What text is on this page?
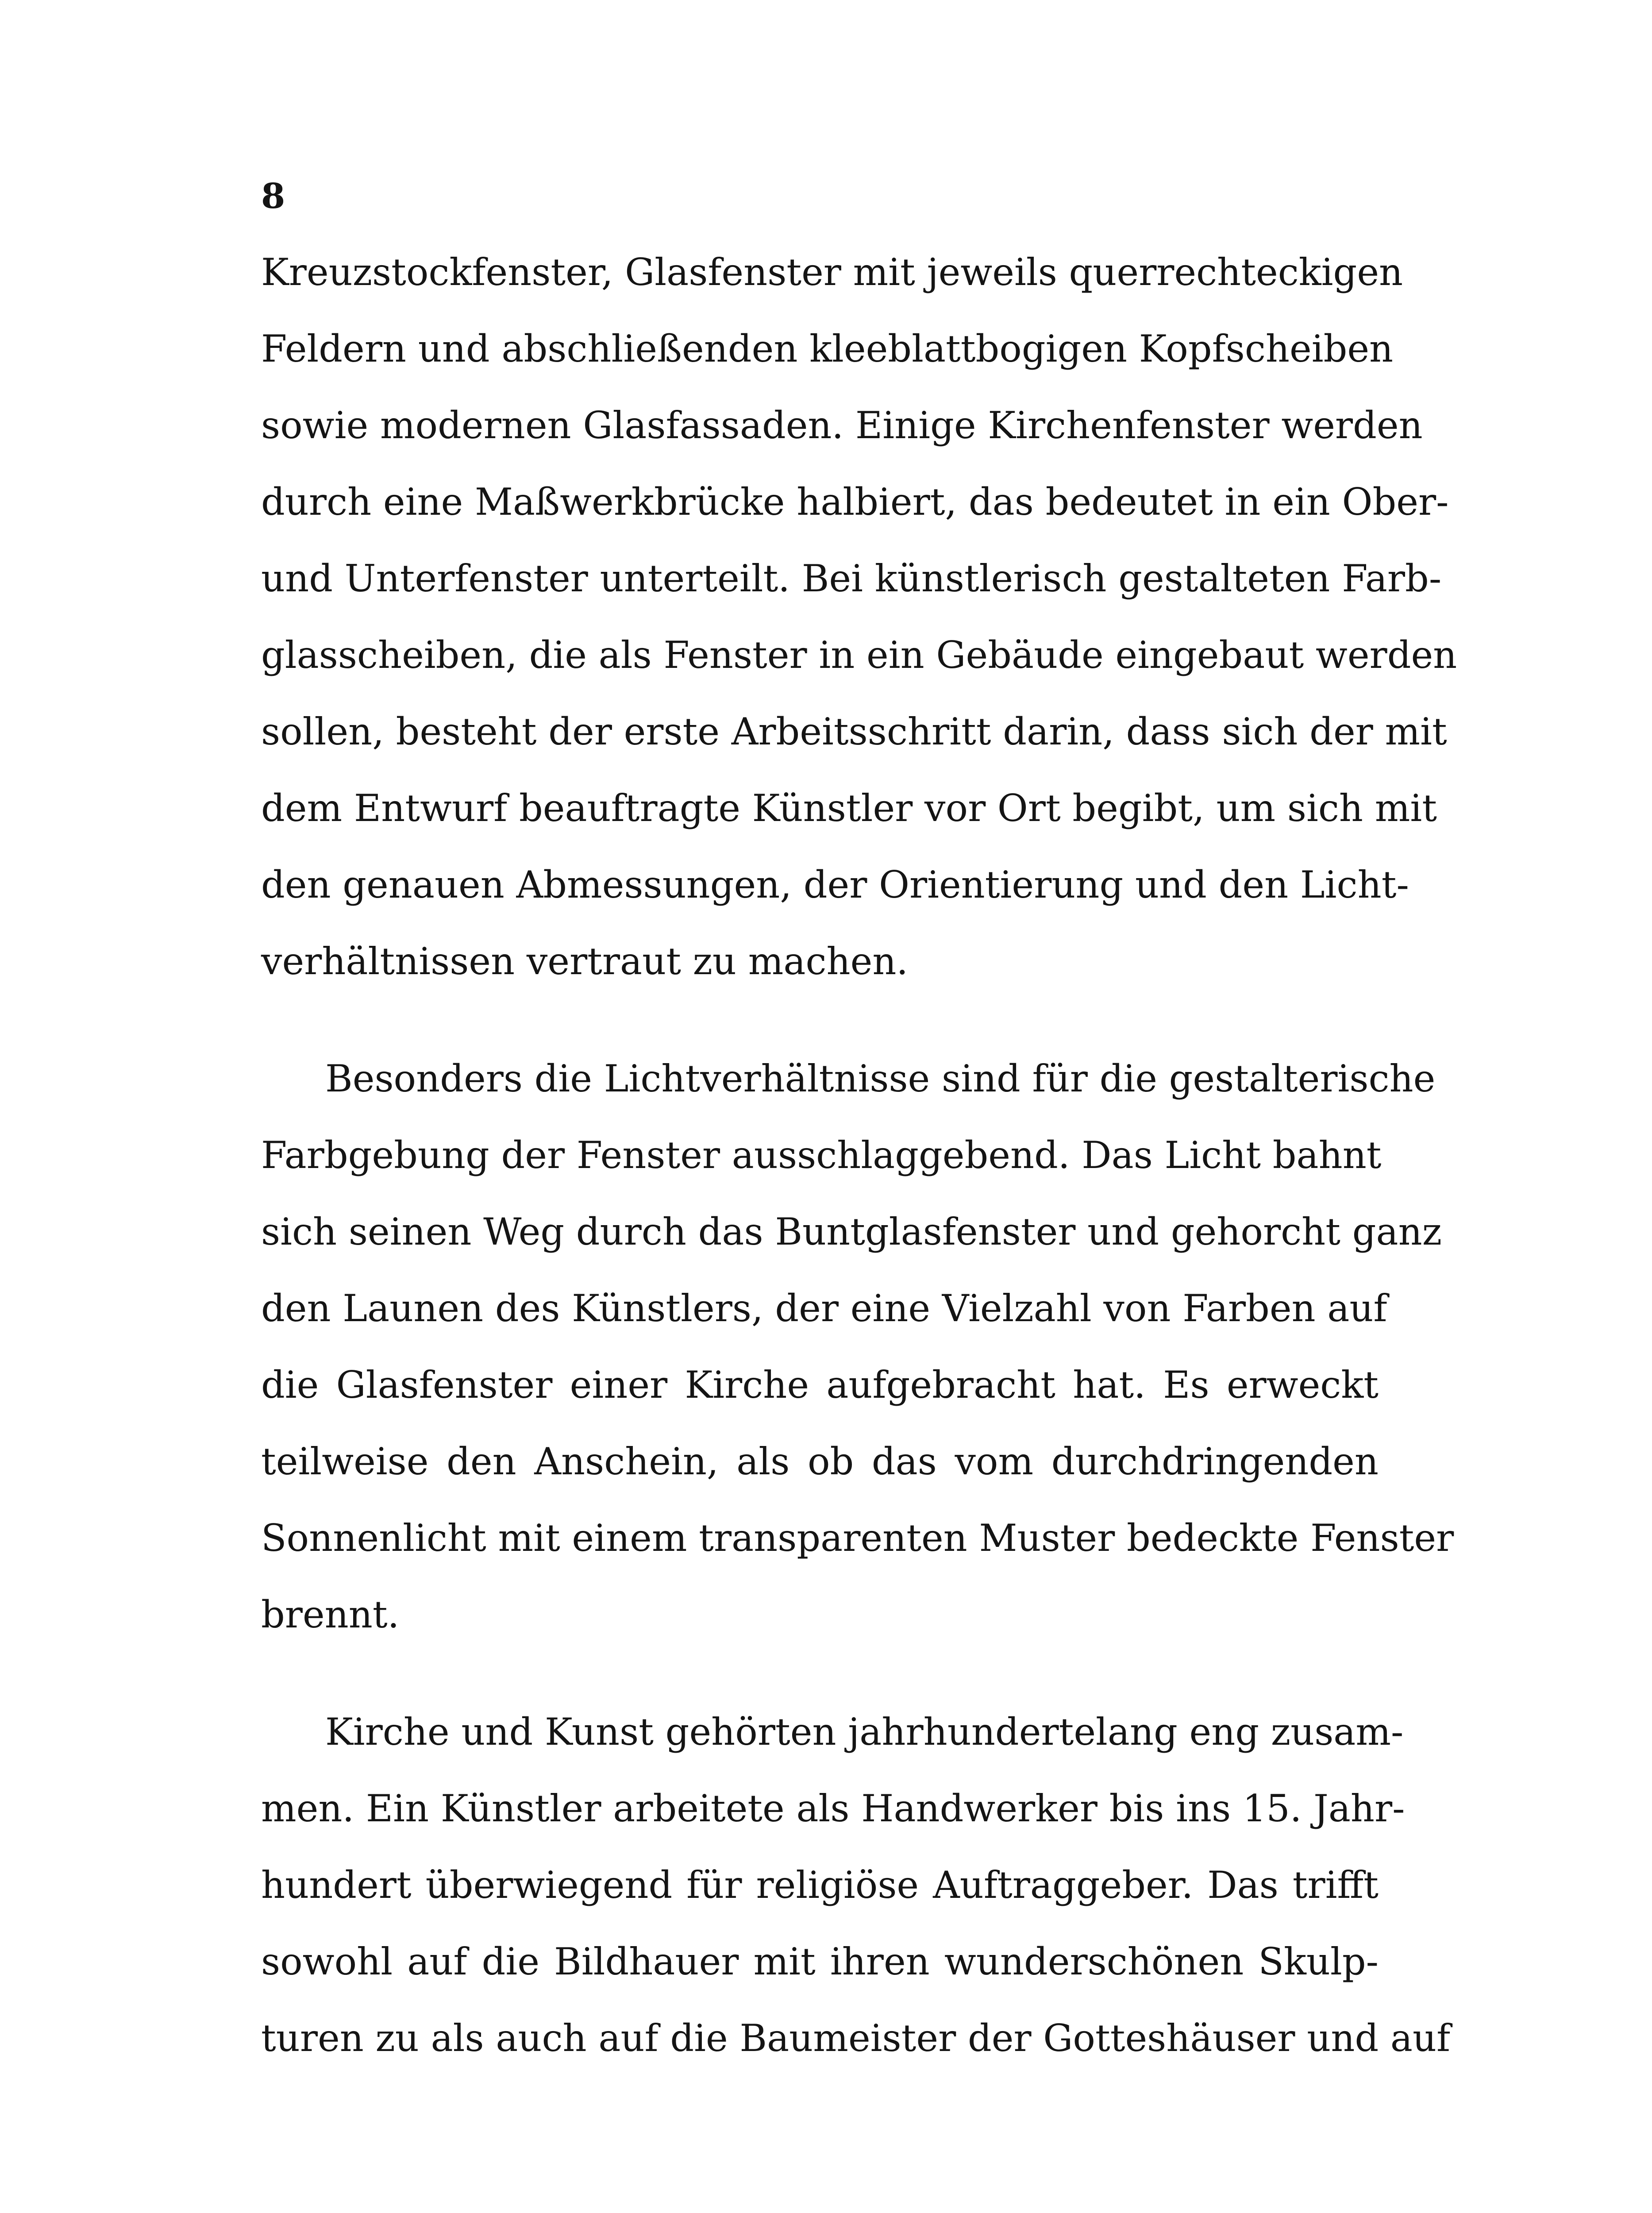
8
Kreuzstockfenster, Glasfenster mit jeweils querrechteckigen
Feldern und abschließenden kleeblattbogigen Kopfscheiben
sowie modernen Glasfassaden. Einige Kirchenfenster werden
durch eine Maßwerkbrücke halbiert, das bedeutet in ein Ober-
und Unterfenster unterteilt. Bei künstlerisch gestalteten Farb-
glasscheiben, die als Fenster in ein Gebäude eingebaut werden
sollen, besteht der erste Arbeitsschritt darin, dass sich der mit
dem Entwurf beauftragte Künstler vor Ort begibt, um sich mit
den genauen Abmessungen, der Orientierung und den Licht-
verhältnissen vertraut zu machen.
Besonders die Lichtverhältnisse sind für die gestalterische
Farbgebung der Fenster ausschlaggebend. Das Licht bahnt
sich seinen Weg durch das Buntglasfenster und gehorcht ganz
den Launen des Künstlers, der eine Vielzahl von Farben auf
die Glasfenster einer Kirche aufgebracht hat. Es erweckt
teilweise den Anschein, als ob das vom durchdringenden
Sonnenlicht mit einem transparenten Muster bedeckte Fenster
brennt.
Kirche und Kunst gehörten jahrhundertelang eng zusam-
men. Ein Künstler arbeitete als Handwerker bis ins 15. Jahr-
hundert überwiegend für religiöse Auftraggeber. Das trifft
sowohl auf die Bildhauer mit ihren wunderschönen Skulp-
turen zu als auch auf die Baumeister der Gotteshäuser und auf
